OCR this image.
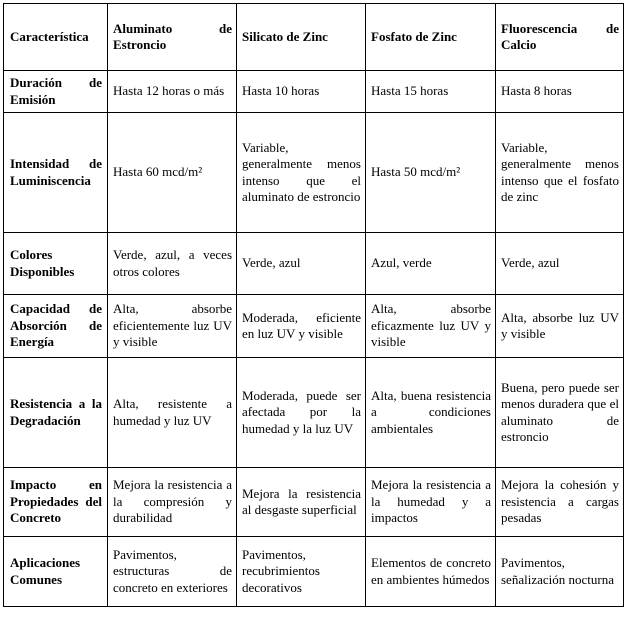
Característica	Aluminato de Estroncio	Silicato de Zinc	Fosfato de Zinc	Fluorescencia de Calcio
Duración de Emisión	Hasta 12 horas o más	Hasta 10 horas	Hasta 15 horas	Hasta 8 horas
Intensidad de Luminiscencia	Hasta 60 mcd/m²	Variable, generalmente menos intenso que el aluminato de estroncio	Hasta 50 mcd/m²	Variable, generalmente menos intenso que el fosfato de zinc
Colores Disponibles	Verde, azul, a veces otros colores	Verde, azul	Azul, verde	Verde, azul
Capacidad de Absorción de Energía	Alta, absorbe eficientemente luz UV y visible	Moderada, eficiente en luz UV y visible	Alta, absorbe eficazmente luz UV y visible	Alta, absorbe luz UV y visible
Resistencia a la Degradación	Alta, resistente a humedad y luz UV	Moderada, puede ser afectada por la humedad y la luz UV	Alta, buena resistencia a condiciones ambientales	Buena, pero puede ser menos duradera que el aluminato de estroncio
Impacto en Propiedades del Concreto	Mejora la resistencia a la compresión y durabilidad	Mejora la resistencia al desgaste superficial	Mejora la resistencia a la humedad y a impactos	Mejora la cohesión y resistencia a cargas pesadas
Aplicaciones Comunes	Pavimentos, estructuras de concreto en exteriores	Pavimentos, recubrimientos decorativos	Elementos de concreto en ambientes húmedos	Pavimentos, señalización nocturna
